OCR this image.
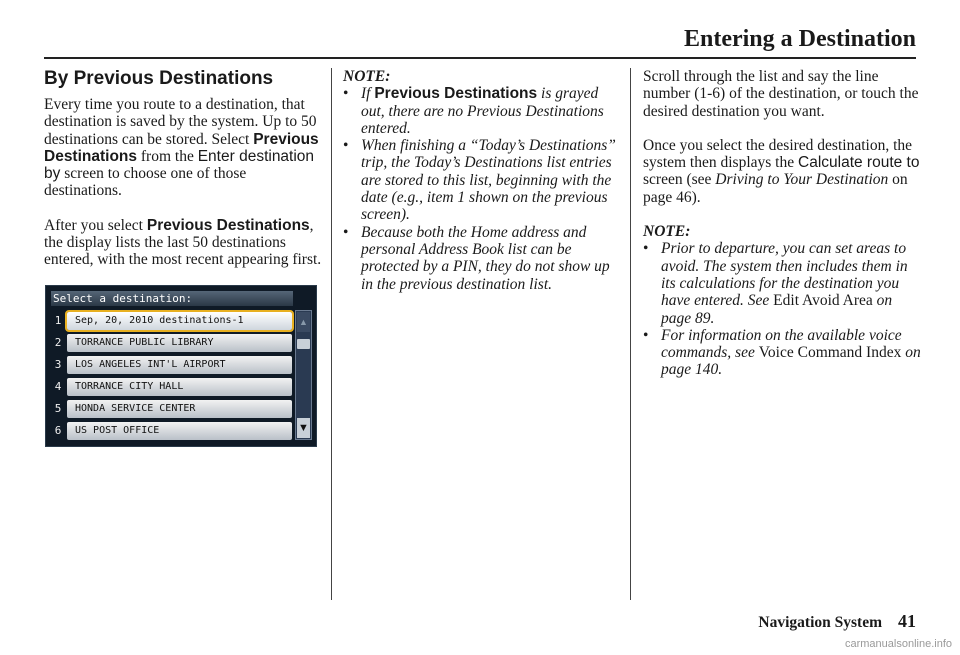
Entering a Destination
By Previous Destinations

Every time you route to a destination, that destination is saved by the system. Up to 50 destinations can be stored. Select Previous Destinations from the Enter destination by screen to choose one of those destinations.

After you select Previous Destinations, the display lists the last 50 destinations entered, with the most recent appearing first.

Select a destination:
1	Sep, 20, 2010 destinations-1
2	TORRANCE PUBLIC LIBRARY
3	LOS ANGELES INT'L AIRPORT
4	TORRANCE CITY HALL
5	HONDA SERVICE CENTER
6	US POST OFFICE
▲
▼

NOTE:

• If Previous Destinations is grayed out, there are no Previous Destinations entered.
• When finishing a “Today’s Destinations” trip, the Today’s Destinations list entries are stored to this list, beginning with the date (e.g., item 1 shown on the previous screen).
• Because both the Home address and personal Address Book list can be protected by a PIN, they do not show up in the previous destination list.

Scroll through the list and say the line number (1-6) of the destination, or touch the desired destination you want.

Once you select the desired destination, the system then displays the Calculate route to screen (see Driving to Your Destination on page 46).

NOTE:

• Prior to departure, you can set areas to avoid. The system then includes them in its calculations for the destination you have entered. See Edit Avoid Area on page 89.
• For information on the available voice commands, see Voice Command Index on page 140.
Navigation System 41
carmanualsonline.info
